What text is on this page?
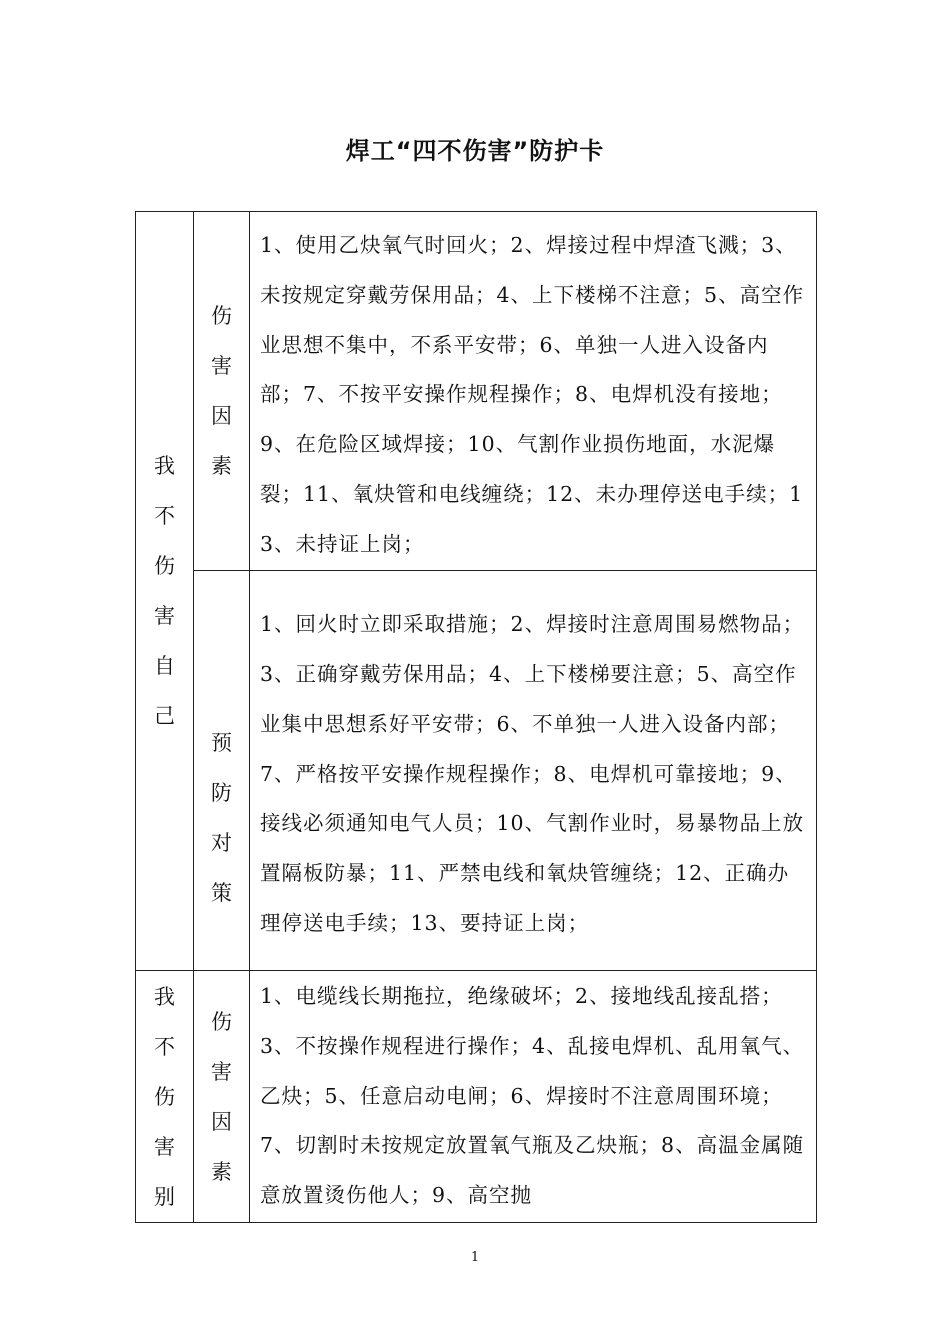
焊工“四不伤害”防护卡
我不伤害自己	伤害因素	1、使用乙炔氧气时回火；2、焊接过程中焊渣飞溅；3、未按规定穿戴劳保用品；4、上下楼梯不注意；5、高空作业思想不集中，不系平安带；6、单独一人进入设备内部；7、不按平安操作规程操作；8、电焊机没有接地；9、在危险区域焊接；10、气割作业损伤地面，水泥爆裂；11、氧炔管和电线缠绕；12、未办理停送电手续；13、未持证上岗；

	预防对策	1、回火时立即采取措施；2、焊接时注意周围易燃物品；3、正确穿戴劳保用品；4、上下楼梯要注意；5、高空作业集中思想系好平安带；6、不单独一人进入设备内部；7、严格按平安操作规程操作；8、电焊机可靠接地；9、接线必须通知电气人员；10、气割作业时，易暴物品上放置隔板防暴；11、严禁电线和氧炔管缠绕；12、正确办理停送电手续；13、要持证上岗；

我不伤害别	伤害因素	1、电缆线长期拖拉，绝缘破坏；2、接地线乱接乱搭；3、不按操作规程进行操作；4、乱接电焊机、乱用氧气、乙炔；5、任意启动电闸；6、焊接时不注意周围环境；7、切割时未按规定放置氧气瓶及乙炔瓶；8、高温金属随意放置烫伤他人；9、高空抛
1
